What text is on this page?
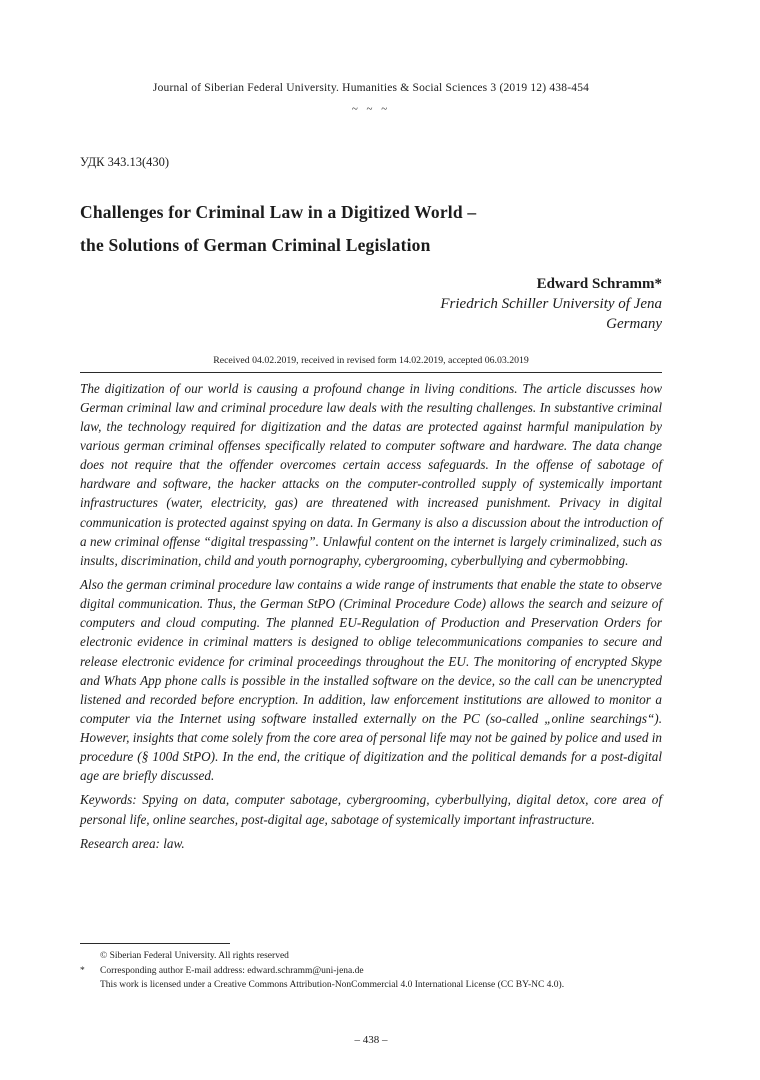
Journal of Siberian Federal University. Humanities & Social Sciences 3 (2019 12) 438-454
~ ~ ~
УДК 343.13(430)
Challenges for Criminal Law in a Digitized World –
the Solutions of German Criminal Legislation
Edward Schramm*
Friedrich Schiller University of Jena
Germany
Received 04.02.2019, received in revised form 14.02.2019, accepted 06.03.2019

The digitization of our world is causing a profound change in living conditions. The article discusses how German criminal law and criminal procedure law deals with the resulting challenges. In substantive criminal law, the technology required for digitization and the datas are protected against harmful manipulation by various german criminal offenses specifically related to computer software and hardware. The data change does not require that the offender overcomes certain access safeguards. In the offense of sabotage of hardware and software, the hacker attacks on the computer-controlled supply of systemically important infrastructures (water, electricity, gas) are threatened with increased punishment. Privacy in digital communication is protected against spying on data. In Germany is also a discussion about the introduction of a new criminal offense “digital trespassing”. Unlawful content on the internet is largely criminalized, such as insults, discrimination, child and youth pornography, cybergrooming, cyberbullying and cybermobbing.

Also the german criminal procedure law contains a wide range of instruments that enable the state to observe digital communication. Thus, the German StPO (Criminal Procedure Code) allows the search and seizure of computers and cloud computing. The planned EU-Regulation of Production and Preservation Orders for electronic evidence in criminal matters is designed to oblige telecommunications companies to secure and release electronic evidence for criminal proceedings throughout the EU. The monitoring of encrypted Skype and Whats App phone calls is possible in the installed software on the device, so the call can be unencrypted listened and recorded before encryption. In addition, law enforcement institutions are allowed to monitor a computer via the Internet using software installed externally on the PC (so-called „online searchings“). However, insights that come solely from the core area of personal life may not be gained by police and used in procedure (§ 100d StPO). In the end, the critique of digitization and the political demands for a post-digital age are briefly discussed.

Keywords: Spying on data, computer sabotage, cybergrooming, cyberbullying, digital detox, core area of personal life, online searches, post-digital age, sabotage of systemically important infrastructure.

Research area: law.

© Siberian Federal University. All rights reserved
*	Corresponding author E-mail address: edward.schramm@uni-jena.de
This work is licensed under a Creative Commons Attribution-NonCommercial 4.0 International License (CC BY-NC 4.0).
– 438 –
